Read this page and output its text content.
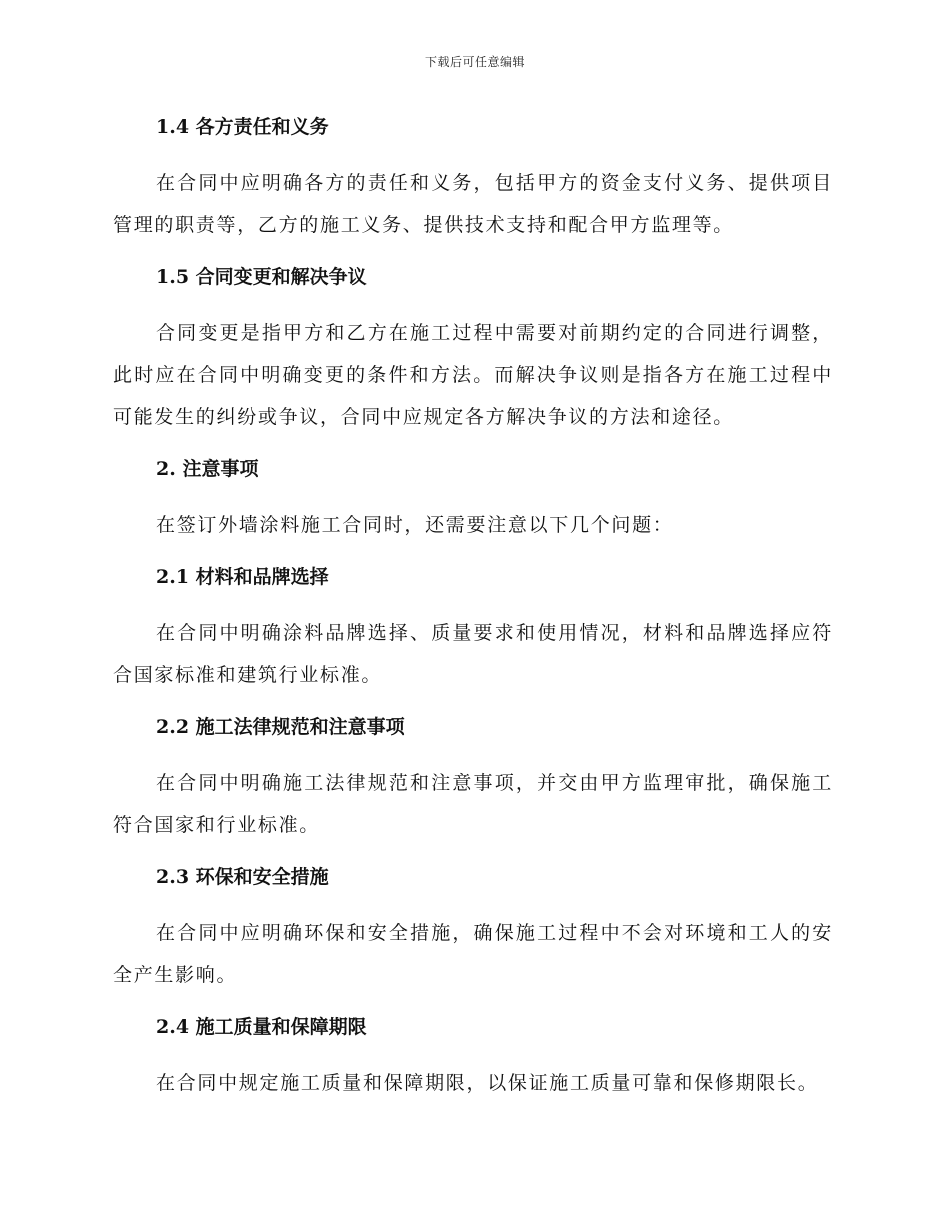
下载后可任意编辑
1.4 各方责任和义务

在合同中应明确各方的责任和义务，包括甲方的资金支付义务、提供项目管理的职责等，乙方的施工义务、提供技术支持和配合甲方监理等。

1.5 合同变更和解决争议

合同变更是指甲方和乙方在施工过程中需要对前期约定的合同进行调整，此时应在合同中明确变更的条件和方法。而解决争议则是指各方在施工过程中可能发生的纠纷或争议，合同中应规定各方解决争议的方法和途径。

2. 注意事项

在签订外墙涂料施工合同时，还需要注意以下几个问题：

2.1 材料和品牌选择

在合同中明确涂料品牌选择、质量要求和使用情况，材料和品牌选择应符合国家标准和建筑行业标准。

2.2 施工法律规范和注意事项

在合同中明确施工法律规范和注意事项，并交由甲方监理审批，确保施工符合国家和行业标准。

2.3 环保和安全措施

在合同中应明确环保和安全措施，确保施工过程中不会对环境和工人的安全产生影响。

2.4 施工质量和保障期限

在合同中规定施工质量和保障期限，以保证施工质量可靠和保修期限长。
